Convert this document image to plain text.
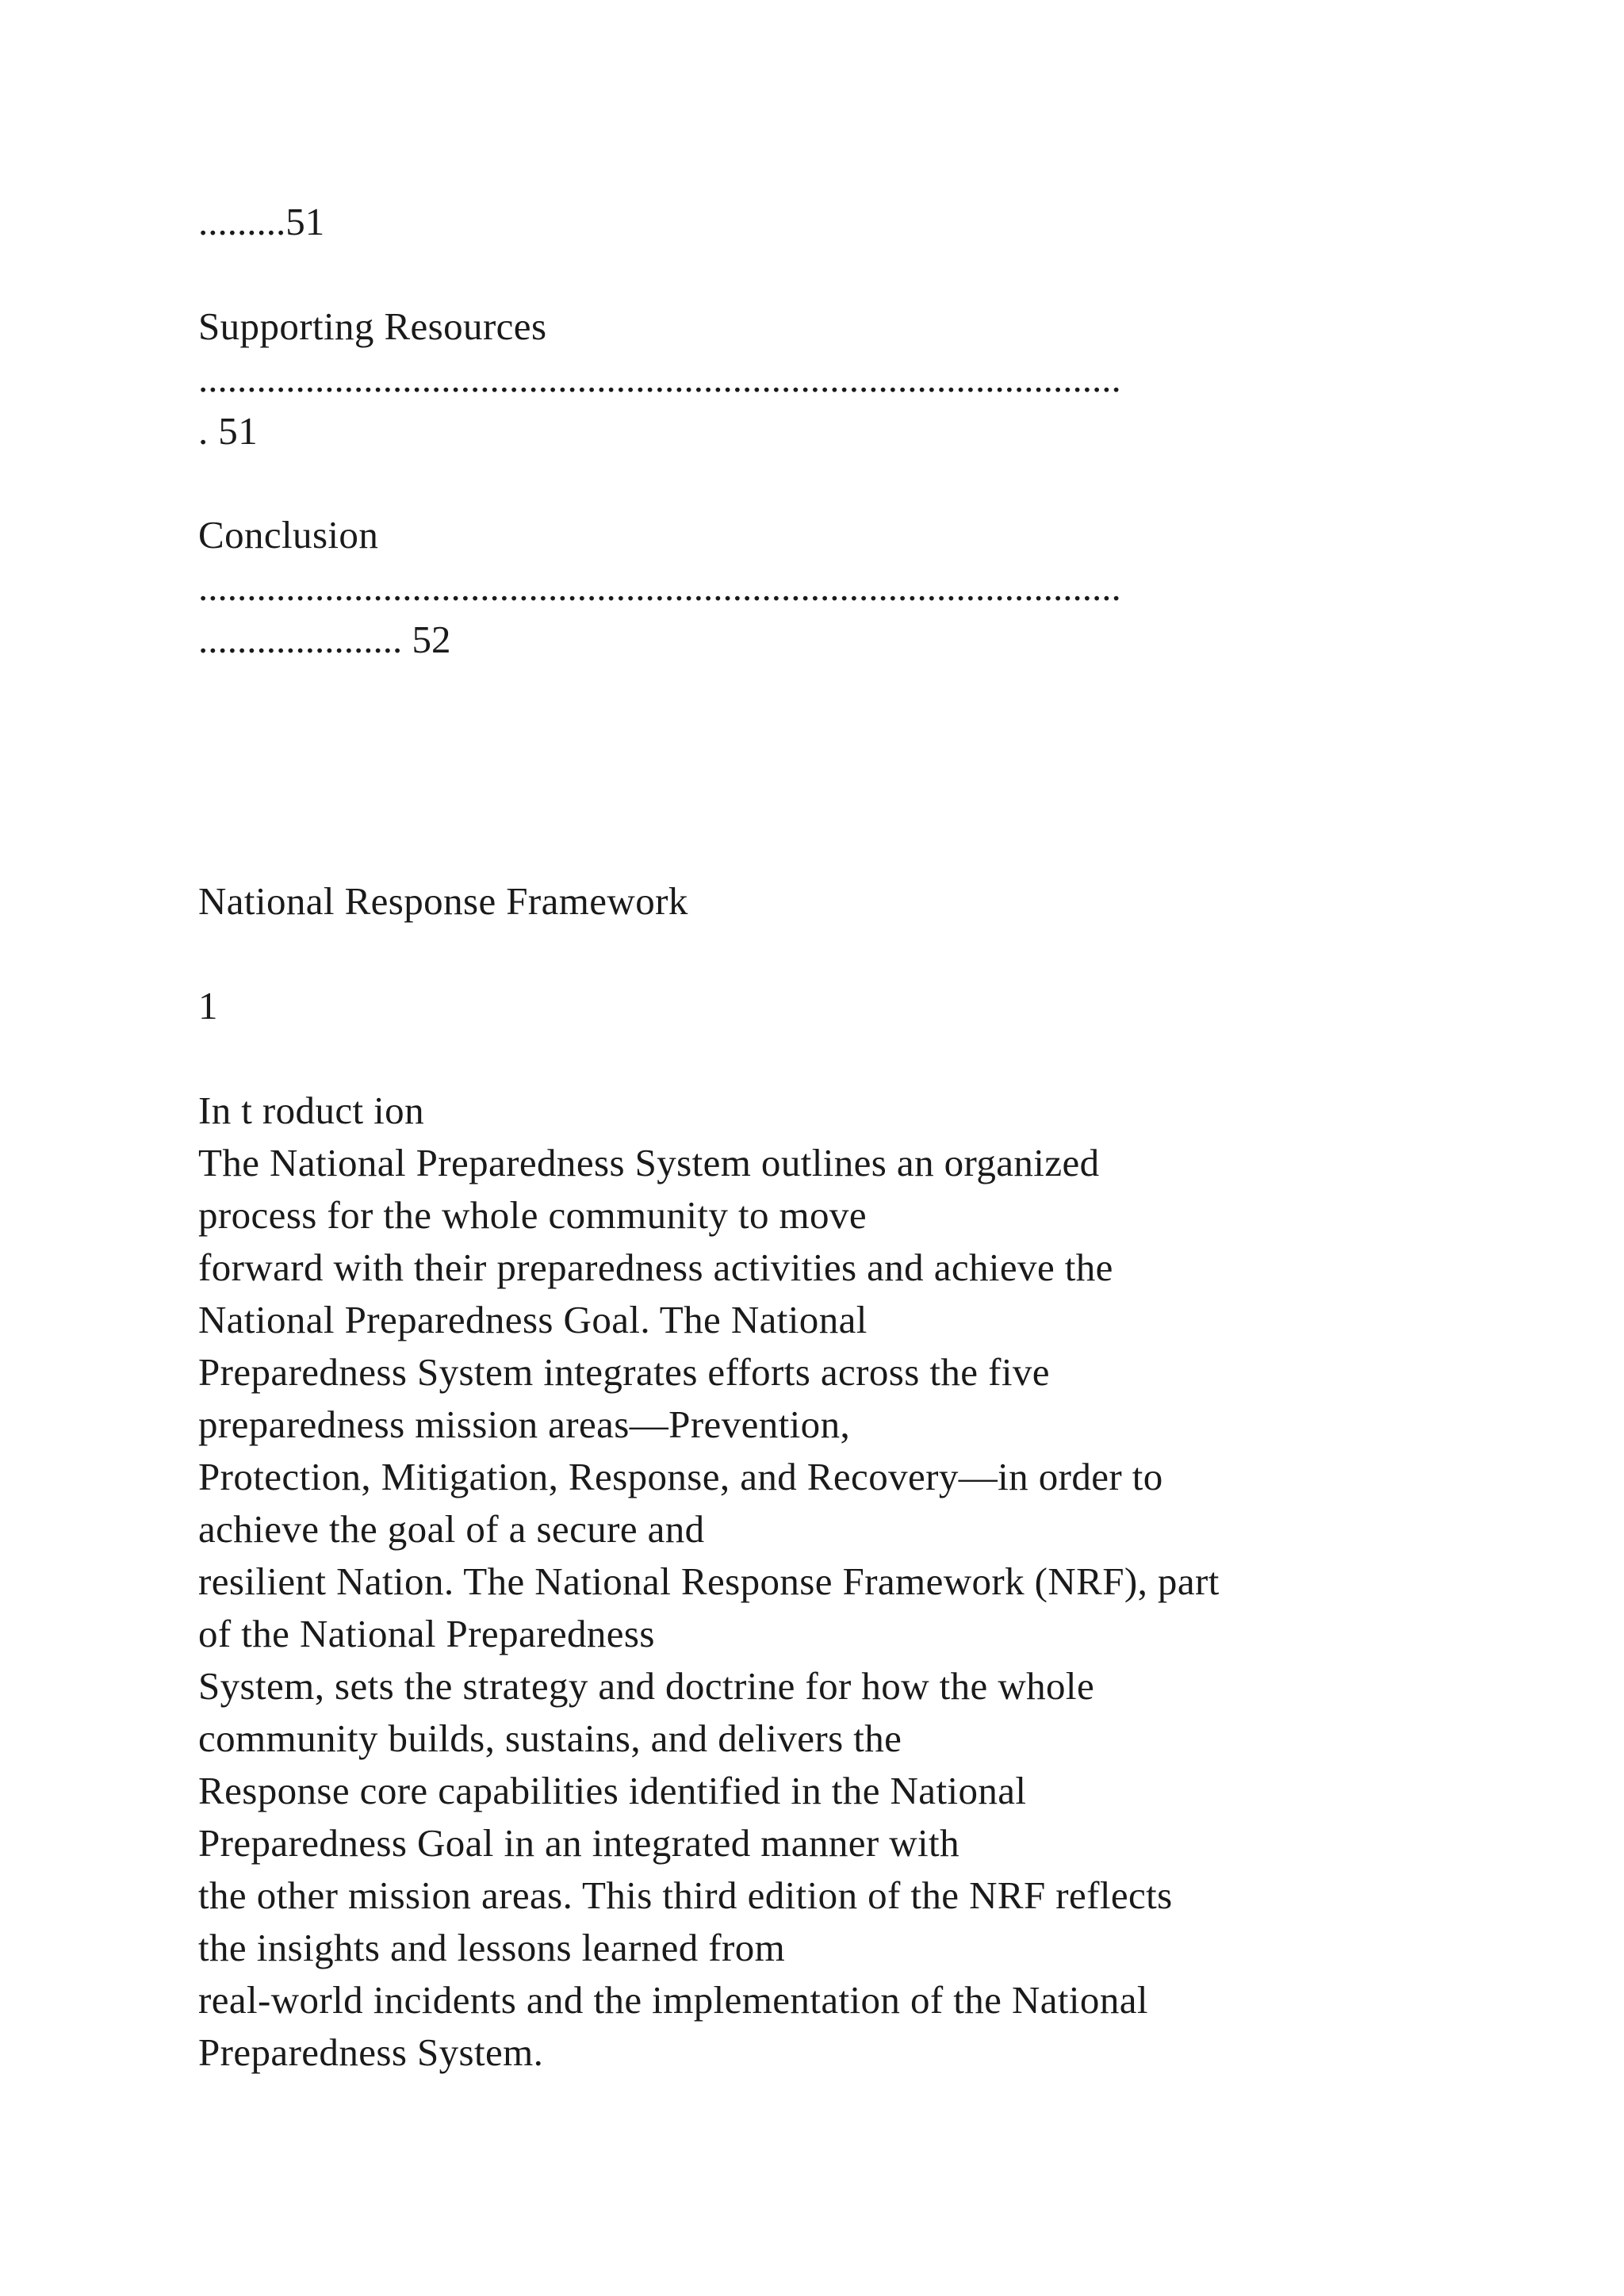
.........51
Supporting Resources
...............................................................................................
. 51
Conclusion
...............................................................................................
..................... 52
National Response Framework
1
In t roduct ion
The National Preparedness System outlines an organized
process for the whole community to move
forward with their preparedness activities and achieve the
National Preparedness Goal. The National
Preparedness System integrates efforts across the five
preparedness mission areas—Prevention,
Protection, Mitigation, Response, and Recovery—in order to
achieve the goal of a secure and
resilient Nation. The National Response Framework (NRF), part
of the National Preparedness
System, sets the strategy and doctrine for how the whole
community builds, sustains, and delivers the
Response core capabilities identified in the National
Preparedness Goal in an integrated manner with
the other mission areas. This third edition of the NRF reflects
the insights and lessons learned from
real-world incidents and the implementation of the National
Preparedness System.
